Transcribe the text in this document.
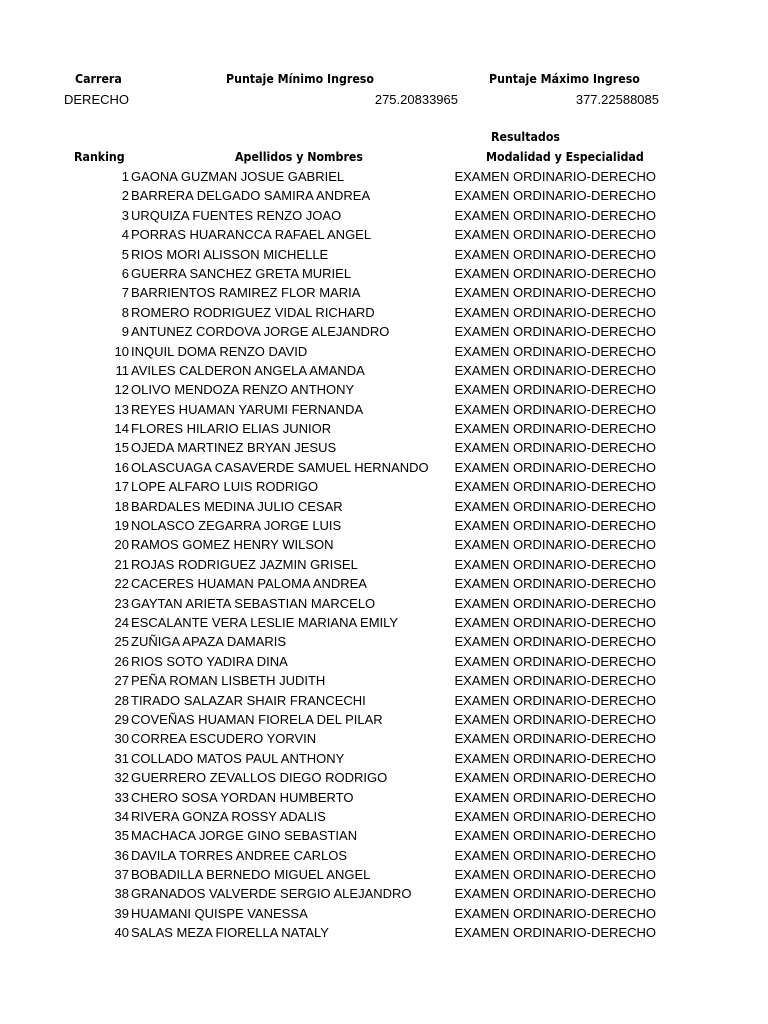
Carrera	Puntaje Mínimo Ingreso	Puntaje Máximo Ingreso
DERECHO	275.20833965	377.22588085
Resultados
Ranking	Apellidos y Nombres	Modalidad y Especialidad
1 GAONA GUZMAN JOSUE GABRIEL	EXAMEN ORDINARIO-DERECHO
2 BARRERA DELGADO SAMIRA ANDREA	EXAMEN ORDINARIO-DERECHO
3 URQUIZA FUENTES RENZO JOAO	EXAMEN ORDINARIO-DERECHO
4 PORRAS HUARANCCA RAFAEL ANGEL	EXAMEN ORDINARIO-DERECHO
5 RIOS MORI ALISSON MICHELLE	EXAMEN ORDINARIO-DERECHO
6 GUERRA SANCHEZ GRETA MURIEL	EXAMEN ORDINARIO-DERECHO
7 BARRIENTOS RAMIREZ FLOR MARIA	EXAMEN ORDINARIO-DERECHO
8 ROMERO RODRIGUEZ VIDAL RICHARD	EXAMEN ORDINARIO-DERECHO
9 ANTUNEZ CORDOVA JORGE ALEJANDRO	EXAMEN ORDINARIO-DERECHO
10 INQUIL DOMA RENZO DAVID	EXAMEN ORDINARIO-DERECHO
11 AVILES CALDERON ANGELA AMANDA	EXAMEN ORDINARIO-DERECHO
12 OLIVO MENDOZA RENZO ANTHONY	EXAMEN ORDINARIO-DERECHO
13 REYES HUAMAN YARUMI FERNANDA	EXAMEN ORDINARIO-DERECHO
14 FLORES HILARIO ELIAS JUNIOR	EXAMEN ORDINARIO-DERECHO
15 OJEDA MARTINEZ BRYAN JESUS	EXAMEN ORDINARIO-DERECHO
16 OLASCUAGA CASAVERDE SAMUEL HERNANDO EXAMEN ORDINARIO-DERECHO
17 LOPE ALFARO LUIS RODRIGO	EXAMEN ORDINARIO-DERECHO
18 BARDALES MEDINA JULIO CESAR	EXAMEN ORDINARIO-DERECHO
19 NOLASCO ZEGARRA JORGE LUIS	EXAMEN ORDINARIO-DERECHO
20 RAMOS GOMEZ HENRY WILSON	EXAMEN ORDINARIO-DERECHO
21 ROJAS RODRIGUEZ JAZMIN GRISEL	EXAMEN ORDINARIO-DERECHO
22 CACERES HUAMAN PALOMA ANDREA	EXAMEN ORDINARIO-DERECHO
23 GAYTAN ARIETA SEBASTIAN MARCELO	EXAMEN ORDINARIO-DERECHO
24 ESCALANTE VERA LESLIE MARIANA EMILY	EXAMEN ORDINARIO-DERECHO
25 ZUÑIGA APAZA DAMARIS	EXAMEN ORDINARIO-DERECHO
26 RIOS SOTO YADIRA DINA	EXAMEN ORDINARIO-DERECHO
27 PEÑA ROMAN LISBETH JUDITH	EXAMEN ORDINARIO-DERECHO
28 TIRADO SALAZAR SHAIR FRANCECHI	EXAMEN ORDINARIO-DERECHO
29 COVEÑAS HUAMAN FIORELA DEL PILAR	EXAMEN ORDINARIO-DERECHO
30 CORREA ESCUDERO YORVIN	EXAMEN ORDINARIO-DERECHO
31 COLLADO MATOS PAUL ANTHONY	EXAMEN ORDINARIO-DERECHO
32 GUERRERO ZEVALLOS DIEGO RODRIGO	EXAMEN ORDINARIO-DERECHO
33 CHERO SOSA YORDAN HUMBERTO	EXAMEN ORDINARIO-DERECHO
34 RIVERA GONZA ROSSY ADALIS	EXAMEN ORDINARIO-DERECHO
35 MACHACA JORGE GINO SEBASTIAN	EXAMEN ORDINARIO-DERECHO
36 DAVILA TORRES ANDREE CARLOS	EXAMEN ORDINARIO-DERECHO
37 BOBADILLA BERNEDO MIGUEL ANGEL	EXAMEN ORDINARIO-DERECHO
38 GRANADOS VALVERDE SERGIO ALEJANDRO	EXAMEN ORDINARIO-DERECHO
39 HUAMANI QUISPE VANESSA	EXAMEN ORDINARIO-DERECHO
40 SALAS MEZA FIORELLA NATALY	EXAMEN ORDINARIO-DERECHO
